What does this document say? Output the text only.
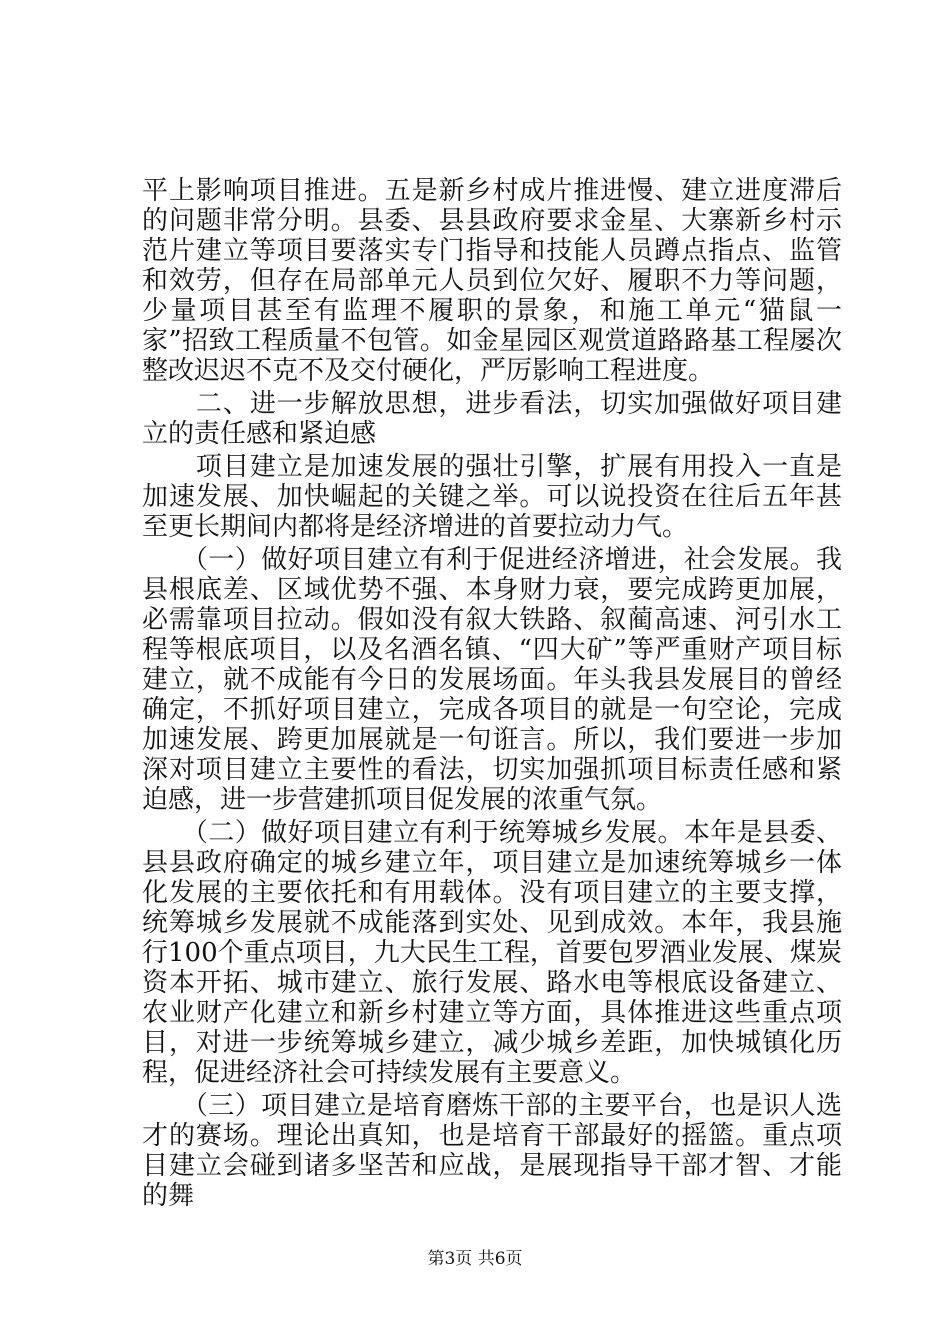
平上影响项目推进。五是新乡村成片推进慢、建立进度滞后的问题非常分明。县委、县县政府要求金星、大寨新乡村示范片建立等项目要落实专门指导和技能人员蹲点指点、监管和效劳，但存在局部单元人员到位欠好、履职不力等问题，少量项目甚至有监理不履职的景象，和施工单元“猫鼠一家”招致工程质量不包管。如金星园区观赏道路路基工程屡次整改迟迟不克不及交付硬化，严厉影响工程进度。

　　二、进一步解放思想，进步看法，切实加强做好项目建立的责任感和紧迫感

　　项目建立是加速发展的强壮引擎，扩展有用投入一直是加速发展、加快崛起的关键之举。可以说投资在往后五年甚至更长期间内都将是经济增进的首要拉动力气。

　　（一）做好项目建立有利于促进经济增进，社会发展。我县根底差、区域优势不强、本身财力衰，要完成跨更加展，必需靠项目拉动。假如没有叙大铁路、叙蔺高速、河引水工程等根底项目，以及名酒名镇、“四大矿”等严重财产项目标建立，就不成能有今日的发展场面。年头我县发展目的曾经确定，不抓好项目建立，完成各项目的就是一句空论，完成加速发展、跨更加展就是一句诳言。所以，我们要进一步加深对项目建立主要性的看法，切实加强抓项目标责任感和紧迫感，进一步营建抓项目促发展的浓重气氛。

　　（二）做好项目建立有利于统筹城乡发展。本年是县委、县县政府确定的城乡建立年，项目建立是加速统筹城乡一体化发展的主要依托和有用载体。没有项目建立的主要支撑，统筹城乡发展就不成能落到实处、见到成效。本年，我县施行100个重点项目，九大民生工程，首要包罗酒业发展、煤炭资本开拓、城市建立、旅行发展、路水电等根底设备建立、农业财产化建立和新乡村建立等方面，具体推进这些重点项目，对进一步统筹城乡建立，减少城乡差距，加快城镇化历程，促进经济社会可持续发展有主要意义。

　　（三）项目建立是培育磨炼干部的主要平台，也是识人选才的赛场。理论出真知，也是培育干部最好的摇篮。重点项目建立会碰到诸多坚苦和应战，是展现指导干部才智、才能的舞

第3页 共6页
